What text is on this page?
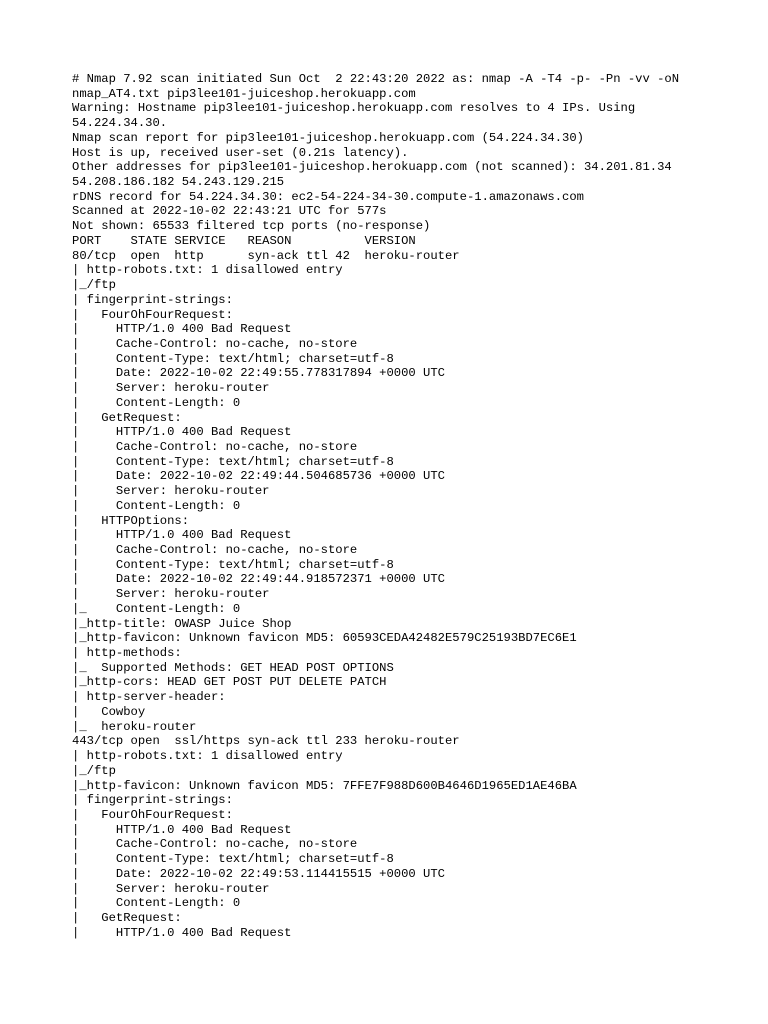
# Nmap 7.92 scan initiated Sun Oct  2 22:43:20 2022 as: nmap -A -T4 -p- -Pn -vv -oN
nmap_AT4.txt pip3lee101-juiceshop.herokuapp.com
Warning: Hostname pip3lee101-juiceshop.herokuapp.com resolves to 4 IPs. Using
54.224.34.30.
Nmap scan report for pip3lee101-juiceshop.herokuapp.com (54.224.34.30)
Host is up, received user-set (0.21s latency).
Other addresses for pip3lee101-juiceshop.herokuapp.com (not scanned): 34.201.81.34
54.208.186.182 54.243.129.215
rDNS record for 54.224.34.30: ec2-54-224-34-30.compute-1.amazonaws.com
Scanned at 2022-10-02 22:43:21 UTC for 577s
Not shown: 65533 filtered tcp ports (no-response)
PORT    STATE SERVICE   REASON          VERSION
80/tcp  open  http      syn-ack ttl 42  heroku-router
| http-robots.txt: 1 disallowed entry
|_/ftp
| fingerprint-strings:
|   FourOhFourRequest:
|     HTTP/1.0 400 Bad Request
|     Cache-Control: no-cache, no-store
|     Content-Type: text/html; charset=utf-8
|     Date: 2022-10-02 22:49:55.778317894 +0000 UTC
|     Server: heroku-router
|     Content-Length: 0
|   GetRequest:
|     HTTP/1.0 400 Bad Request
|     Cache-Control: no-cache, no-store
|     Content-Type: text/html; charset=utf-8
|     Date: 2022-10-02 22:49:44.504685736 +0000 UTC
|     Server: heroku-router
|     Content-Length: 0
|   HTTPOptions:
|     HTTP/1.0 400 Bad Request
|     Cache-Control: no-cache, no-store
|     Content-Type: text/html; charset=utf-8
|     Date: 2022-10-02 22:49:44.918572371 +0000 UTC
|     Server: heroku-router
|_    Content-Length: 0
|_http-title: OWASP Juice Shop
|_http-favicon: Unknown favicon MD5: 60593CEDA42482E579C25193BD7EC6E1
| http-methods:
|_  Supported Methods: GET HEAD POST OPTIONS
|_http-cors: HEAD GET POST PUT DELETE PATCH
| http-server-header:
|   Cowboy
|_  heroku-router
443/tcp open  ssl/https syn-ack ttl 233 heroku-router
| http-robots.txt: 1 disallowed entry
|_/ftp
|_http-favicon: Unknown favicon MD5: 7FFE7F988D600B4646D1965ED1AE46BA
| fingerprint-strings:
|   FourOhFourRequest:
|     HTTP/1.0 400 Bad Request
|     Cache-Control: no-cache, no-store
|     Content-Type: text/html; charset=utf-8
|     Date: 2022-10-02 22:49:53.114415515 +0000 UTC
|     Server: heroku-router
|     Content-Length: 0
|   GetRequest:
|     HTTP/1.0 400 Bad Request
